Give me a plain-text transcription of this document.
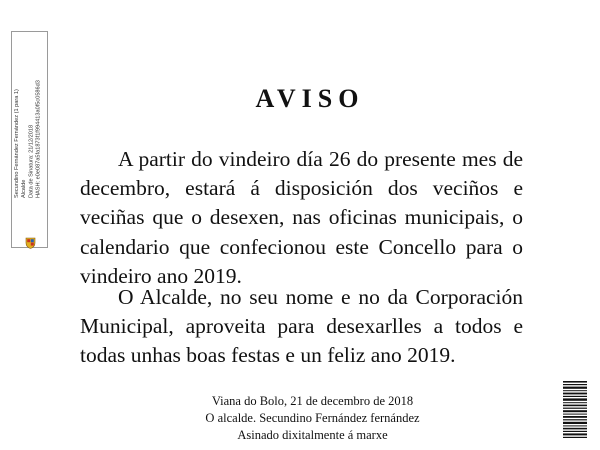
Secundino Fernández Fernández (1 para 1) Alcalde Data de Sinatura: 21/12/2018 HASH: e0e087a5fa1873f1f994413a0f5c0586d3	AVISO

A partir do vindeiro día 26 do presente mes de decembro, estará á disposición dos veciños e veciñas que o desexen, nas oficinas municipais, o calendario que confecionou este Concello para o vindeiro ano 2019.

O Alcalde, no seu nome e no da Corporación Municipal, aproveita para desexarlles a todos e todas unhas boas festas e un feliz ano 2019.

Viana do Bolo, 21 de decembro de 2018
O alcalde. Secundino Fernández fernández
Asinado dixitalmente á marxe
